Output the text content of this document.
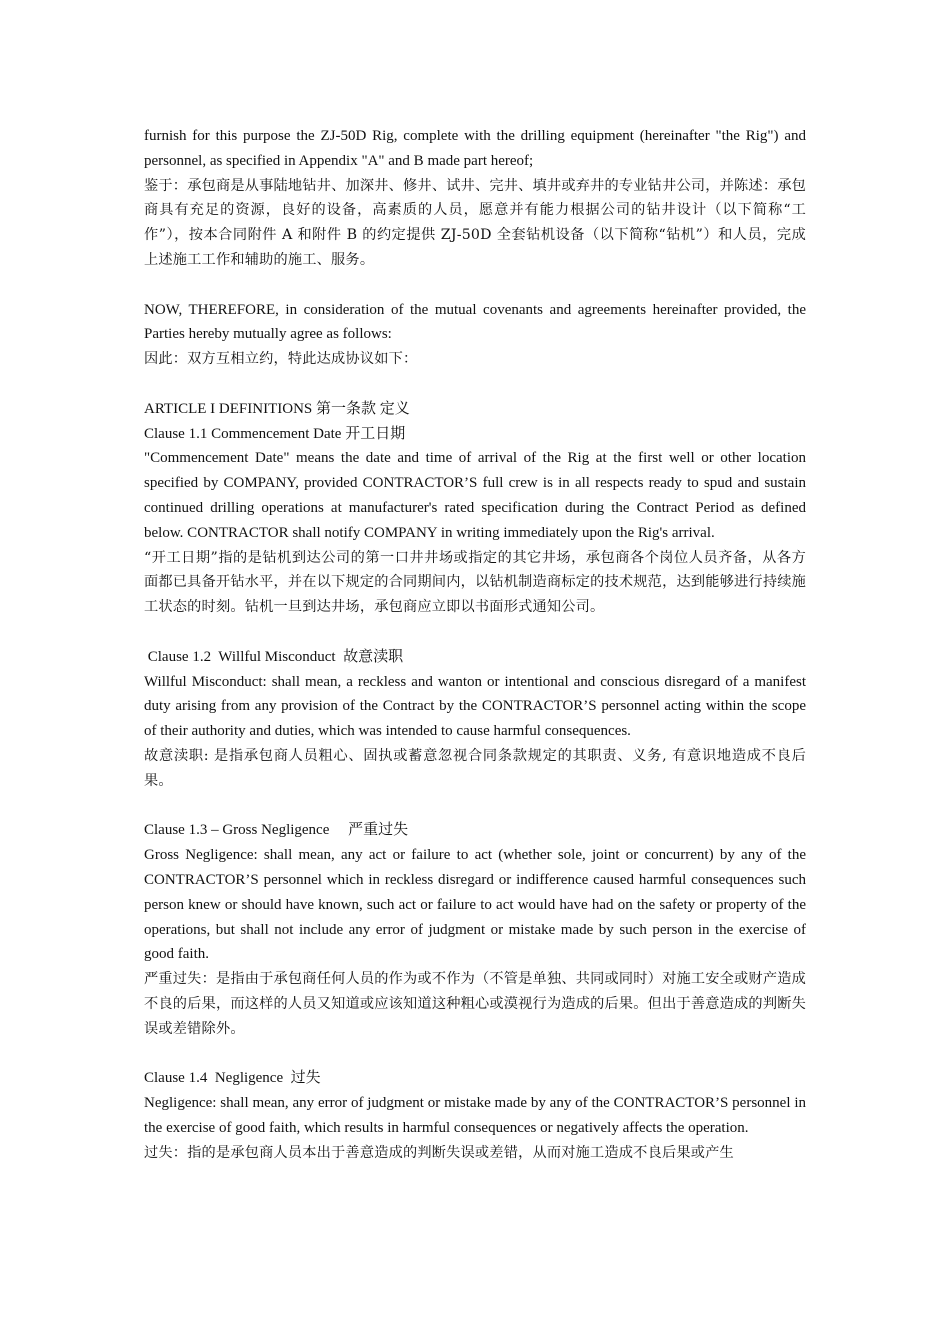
furnish for this purpose the ZJ-50D Rig, complete with the drilling equipment (hereinafter "the Rig") and personnel, as specified in Appendix "A" and B made part hereof;

鉴于：承包商是从事陆地钻井、加深井、修井、试井、完井、填井或弃井的专业钻井公司，并陈述：承包商具有充足的资源，良好的设备，高素质的人员，愿意并有能力根据公司的钻井设计（以下简称“工作”），按本合同附件 A 和附件 B 的约定提供 ZJ-50D 全套钻机设备（以下简称“钻机”）和人员，完成上述施工工作和辅助的施工、服务。

NOW, THEREFORE, in consideration of the mutual covenants and agreements hereinafter provided, the Parties hereby mutually agree as follows:

因此：双方互相立约，特此达成协议如下：

ARTICLE I DEFINITIONS 第一条款 定义

Clause 1.1 Commencement Date 开工日期

"Commencement Date" means the date and time of arrival of the Rig at the first well or other location specified by COMPANY, provided CONTRACTOR’S full crew is in all respects ready to spud and sustain continued drilling operations at manufacturer's rated specification during the Contract Period as defined below. CONTRACTOR shall notify COMPANY in writing immediately upon the Rig's arrival.

“开工日期”指的是钻机到达公司的第一口井井场或指定的其它井场，承包商各个岗位人员齐备，从各方面都已具备开钻水平，并在以下规定的合同期间内，以钻机制造商标定的技术规范，达到能够进行持续施工状态的时刻。钻机一旦到达井场，承包商应立即以书面形式通知公司。

Clause 1.2  Willful Misconduct  故意渎职

Willful Misconduct: shall mean, a reckless and wanton or intentional and conscious disregard of a manifest duty arising from any provision of the Contract by the CONTRACTOR’S personnel acting within the scope of their authority and duties, which was intended to cause harmful consequences.

故意渎职: 是指承包商人员粗心、固执或蓄意忽视合同条款规定的其职责、义务, 有意识地造成不良后果。

Clause 1.3 – Gross Negligence     严重过失

Gross Negligence: shall mean, any act or failure to act (whether sole, joint or concurrent) by any of the CONTRACTOR’S personnel which in reckless disregard or indifference caused harmful consequences such person knew or should have known, such act or failure to act would have had on the safety or property of the operations, but shall not include any error of judgment or mistake made by such person in the exercise of good faith.

严重过失：是指由于承包商任何人员的作为或不作为（不管是单独、共同或同时）对施工安全或财产造成不良的后果，而这样的人员又知道或应该知道这种粗心或漠视行为造成的后果。但出于善意造成的判断失误或差错除外。

Clause 1.4  Negligence  过失

Negligence: shall mean, any error of judgment or mistake made by any of the CONTRACTOR’S personnel in the exercise of good faith, which results in harmful consequences or negatively affects the operation.

过失：指的是承包商人员本出于善意造成的判断失误或差错，从而对施工造成不良后果或产生
